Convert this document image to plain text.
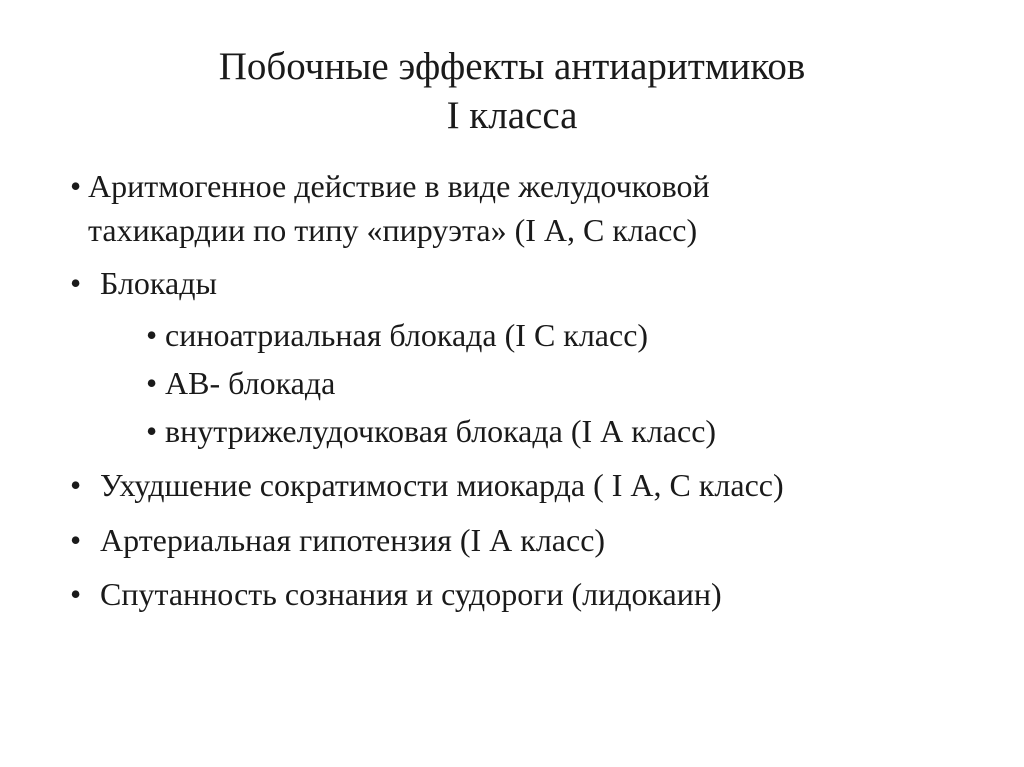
Побочные эффекты антиаритмиков
I класса
• Аритмогенное действие в виде желудочковой
тахикардии по типу «пируэта» (I А, С класс)
• Блокады
• синоатриальная блокада (I С класс)
• АВ- блокада
• внутрижелудочковая блокада (I А класс)
• Ухудшение сократимости миокарда ( I А, С класс)
• Артериальная гипотензия (I А класс)
• Спутанность сознания и судороги (лидокаин)
